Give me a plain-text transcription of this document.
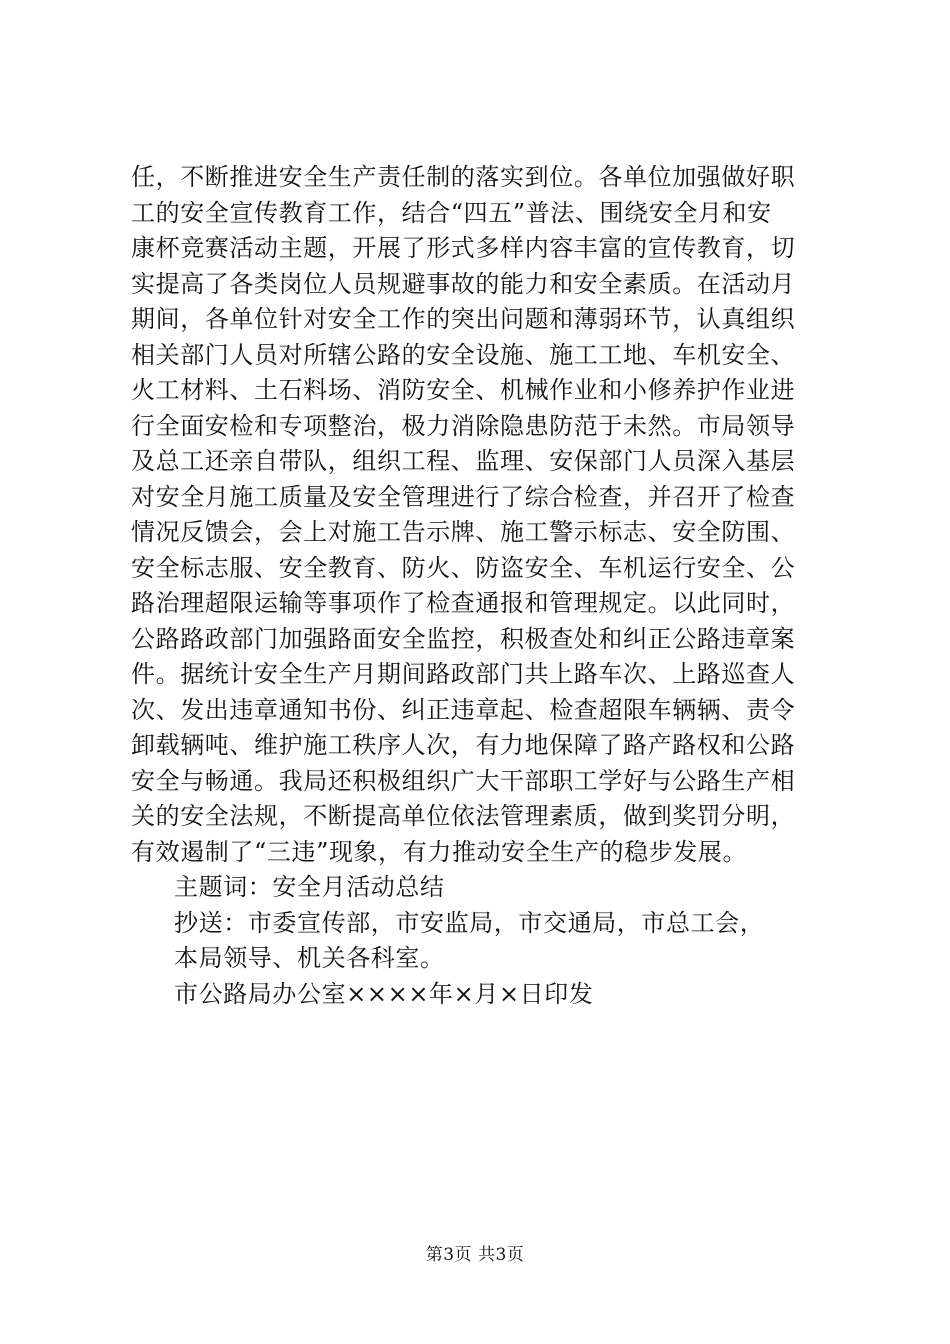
任，不断推进安全生产责任制的落实到位。各单位加强做好职
工的安全宣传教育工作，结合“四五”普法、围绕安全月和安
康杯竞赛活动主题，开展了形式多样内容丰富的宣传教育，切
实提高了各类岗位人员规避事故的能力和安全素质。在活动月
期间，各单位针对安全工作的突出问题和薄弱环节，认真组织
相关部门人员对所辖公路的安全设施、施工工地、车机安全、
火工材料、土石料场、消防安全、机械作业和小修养护作业进
行全面安检和专项整治，极力消除隐患防范于未然。市局领导
及总工还亲自带队，组织工程、监理、安保部门人员深入基层
对安全月施工质量及安全管理进行了综合检查，并召开了检查
情况反馈会，会上对施工告示牌、施工警示标志、安全防围、
安全标志服、安全教育、防火、防盗安全、车机运行安全、公
路治理超限运输等事项作了检查通报和管理规定。以此同时，
公路路政部门加强路面安全监控，积极查处和纠正公路违章案
件。据统计安全生产月期间路政部门共上路车次、上路巡查人
次、发出违章通知书份、纠正违章起、检查超限车辆辆、责令
卸载辆吨、维护施工秩序人次，有力地保障了路产路权和公路
安全与畅通。我局还积极组织广大干部职工学好与公路生产相
关的安全法规，不断提高单位依法管理素质，做到奖罚分明，
有效遏制了“三违”现象，有力推动安全生产的稳步发展。
主题词：安全月活动总结
抄送：市委宣传部，市安监局，市交通局，市总工会，
本局领导、机关各科室。
市公路局办公室××××年×月×日印发
第3页 共3页
